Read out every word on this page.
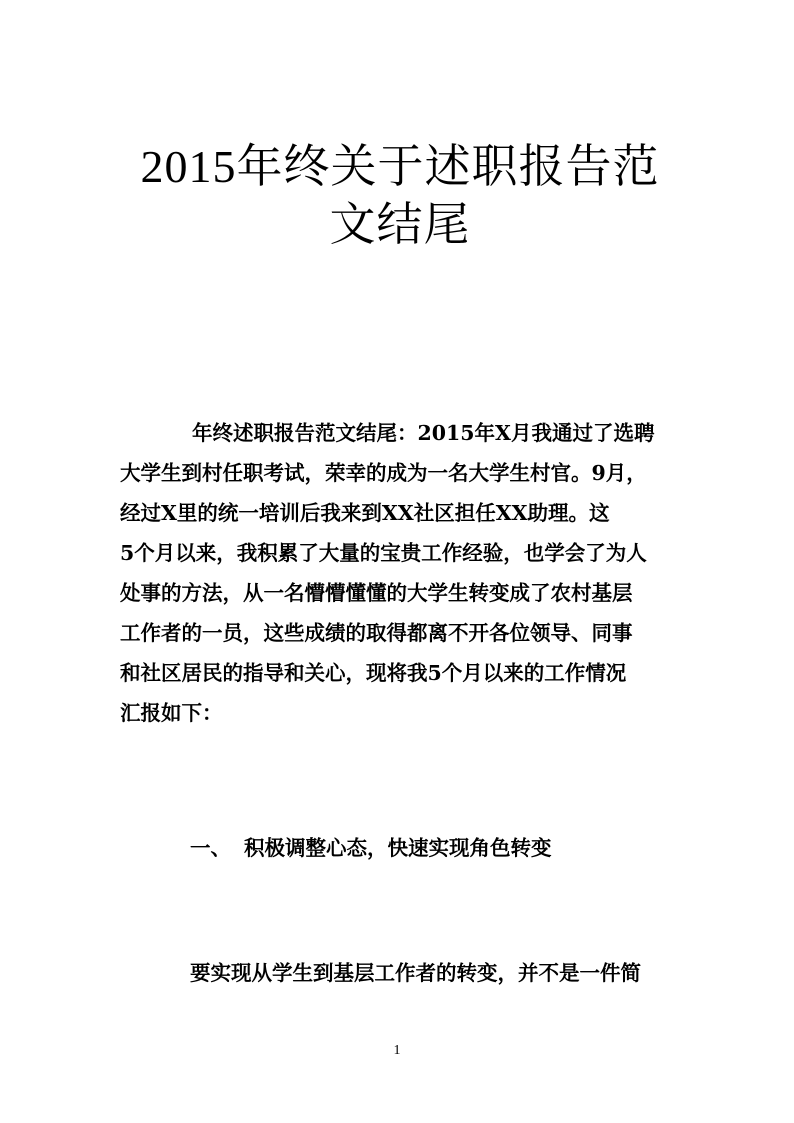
2015年终关于述职报告范
文结尾

年终述职报告范文结尾：2015年X月我通过了选聘
大学生到村任职考试，荣幸的成为一名大学生村官。9月，
经过X里的统一培训后我来到XX社区担任XX助理。这
5个月以来，我积累了大量的宝贵工作经验，也学会了为人
处事的方法，从一名懵懵懂懂的大学生转变成了农村基层
工作者的一员，这些成绩的取得都离不开各位领导、同事
和社区居民的指导和关心，现将我5个月以来的工作情况
汇报如下：

一、 积极调整心态，快速实现角色转变

要实现从学生到基层工作者的转变，并不是一件简

1
